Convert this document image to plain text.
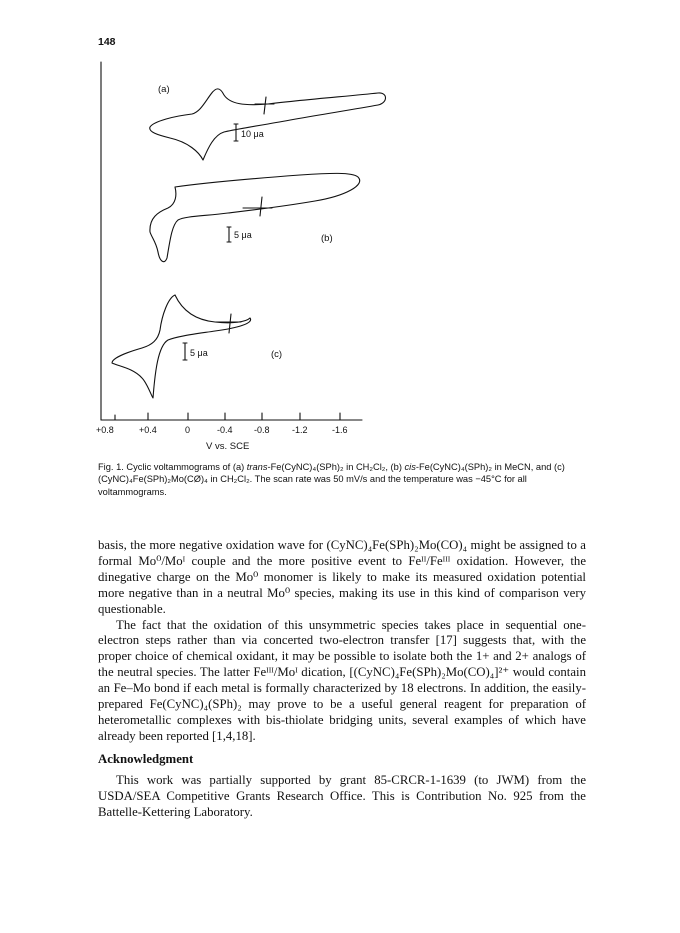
148
(a)
(b)
(c)
10 μa
5 μa
5 μa
+0.8	+0.4	0	-0.4 -0.8 -1.2	-1.6
V vs. SCE

Fig. 1. Cyclic voltammograms of (a) trans-Fe(CyNC)₄(SPh)₂ in CH₂Cl₂, (b) cis-Fe(CyNC)₄(SPh)₂ in MeCN, and (c) (CyNC)₄Fe(SPh)₂Mo(CØ)₄ in CH₂Cl₂. The scan rate was 50 mV/s and the temperature was −45°C for all voltammograms.

basis, the more negative oxidation wave for (CyNC)₄Fe(SPh)₂Mo(CO)₄ might be assigned to a formal Mo⁰/Moᴵ couple and the more positive event to Feᴵᴵ/Feᴵᴵᴵ oxidation. However, the dinegative charge on the Mo⁰ monomer is likely to make its measured oxidation potential more negative than in a neutral Mo⁰ species, making its use in this kind of comparison very questionable.

The fact that the oxidation of this unsymmetric species takes place in sequential one-electron steps rather than via concerted two-electron transfer [17] suggests that, with the proper choice of chemical oxidant, it may be possible to isolate both the 1+ and 2+ analogs of the neutral species. The latter Feᴵᴵᴵ/Moᴵ dication, [(CyNC)₄Fe(SPh)₂Mo(CO)₄]²⁺ would contain an Fe–Mo bond if each metal is formally characterized by 18 electrons. In addition, the easily-prepared Fe(CyNC)₄(SPh)₂ may prove to be a useful general reagent for preparation of heterometallic complexes with bis-thiolate bridging units, several examples of which have already been reported [1,4,18].

Acknowledgment

This work was partially supported by grant 85-CRCR-1-1639 (to JWM) from the USDA/SEA Competitive Grants Research Office. This is Contribution No. 925 from the Battelle-Kettering Laboratory.
